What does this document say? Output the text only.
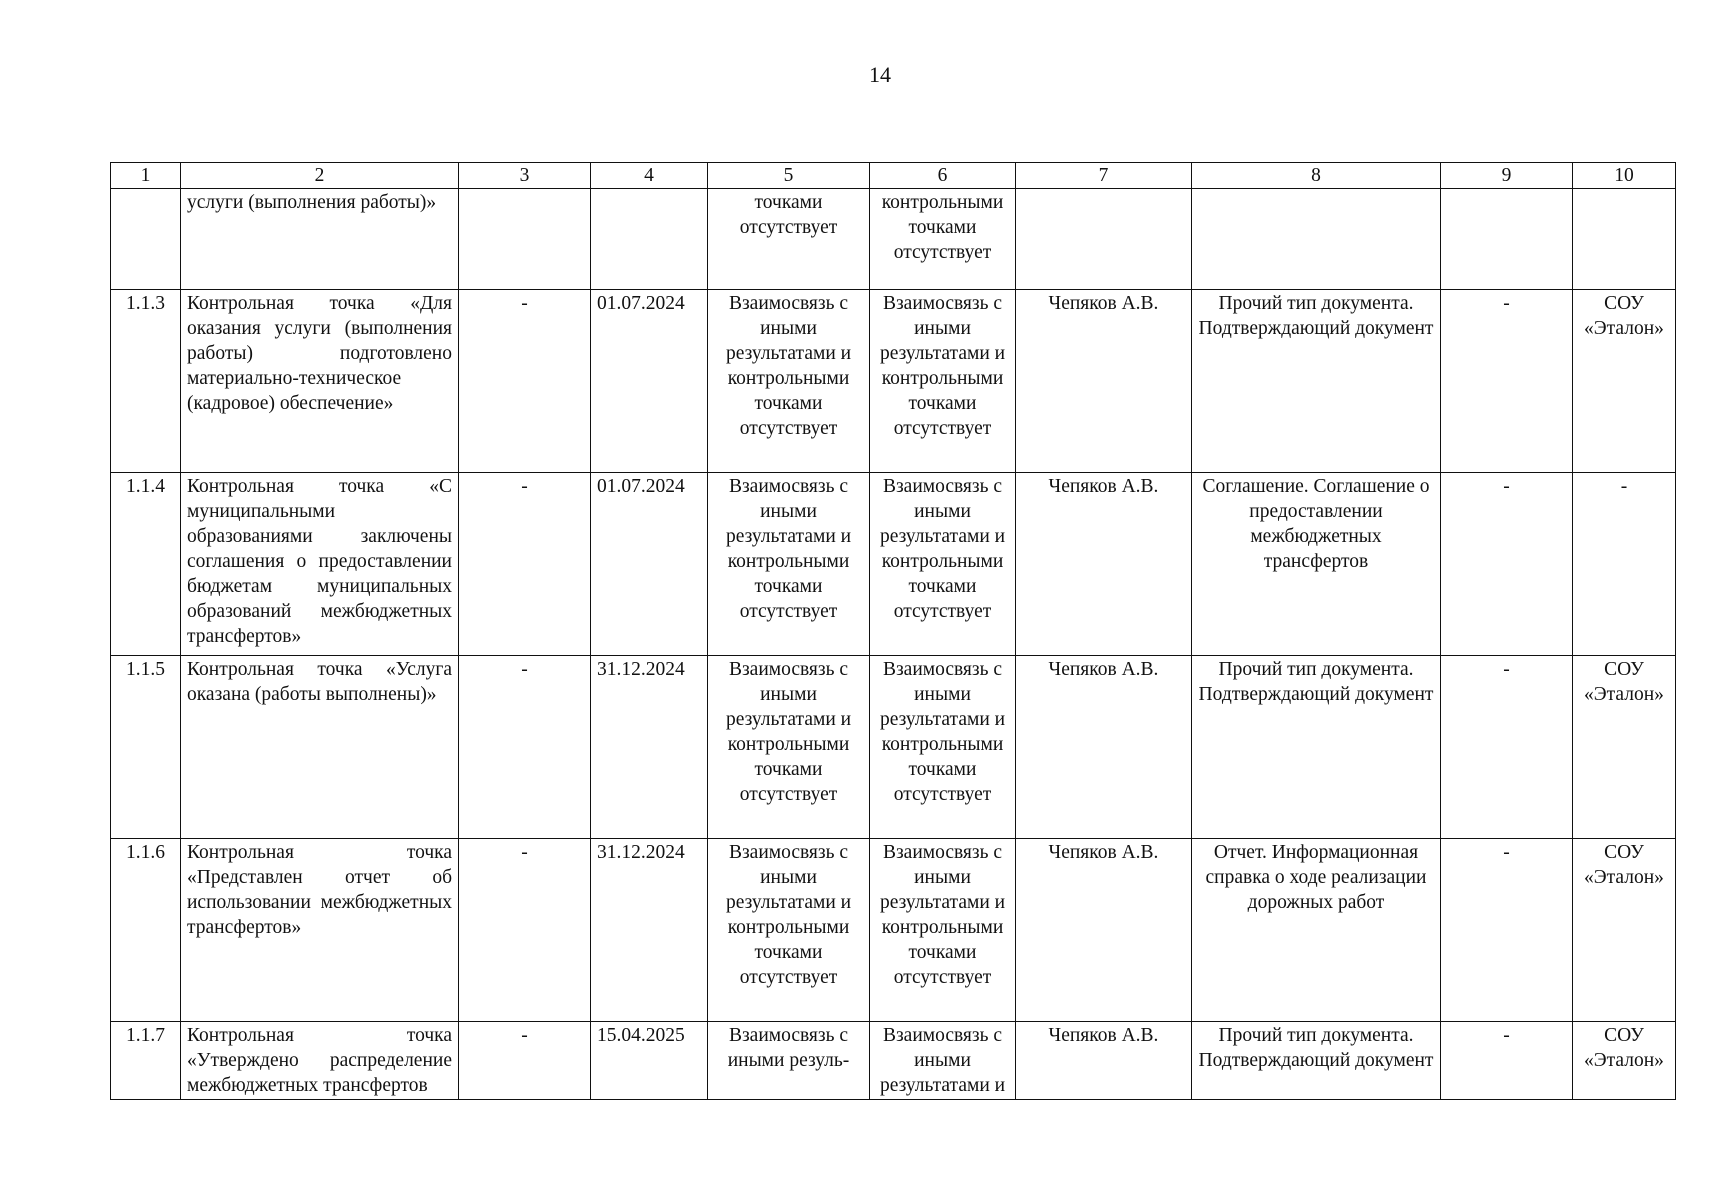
14
1	2	3	4	5	6	7	8	9	10
	услуги (выполнения работы)»			точками отсутствует	контрольными точками отсутствует				
1.1.3	Контрольная точка «Для оказания услуги (выполнения работы) подготовлено материально-техническое (кадровое) обеспечение»	-	01.07.2024	Взаимосвязь с иными результатами и контрольными точками отсутствует	Взаимосвязь с иными результатами и контрольными точками отсутствует	Чепяков А.В.	Прочий тип документа. Подтверждающий документ	-	СОУ «Эталон»
1.1.4	Контрольная точка «С муниципальными образованиями заключены соглашения о предоставлении бюджетам муниципальных образований межбюджетных трансфертов»	-	01.07.2024	Взаимосвязь с иными результатами и контрольными точками отсутствует	Взаимосвязь с иными результатами и контрольными точками отсутствует	Чепяков А.В.	Соглашение. Соглашение о предоставлении межбюджетных трансфертов	-	-
1.1.5	Контрольная точка «Услуга оказана (работы выполнены)»	-	31.12.2024	Взаимосвязь с иными результатами и контрольными точками отсутствует	Взаимосвязь с иными результатами и контрольными точками отсутствует	Чепяков А.В.	Прочий тип документа. Подтверждающий документ	-	СОУ «Эталон»
1.1.6	Контрольная точка «Представлен отчет об использовании межбюджетных трансфертов»	-	31.12.2024	Взаимосвязь с иными результатами и контрольными точками отсутствует	Взаимосвязь с иными результатами и контрольными точками отсутствует	Чепяков А.В.	Отчет. Информационная справка о ходе реализации дорожных работ	-	СОУ «Эталон»
1.1.7	Контрольная точка «Утверждено распределение межбюджетных трансфертов	-	15.04.2025	Взаимосвязь с иными резуль-	Взаимосвязь с иными результатами и	Чепяков А.В.	Прочий тип документа. Подтверждающий документ	-	СОУ «Эталон»
